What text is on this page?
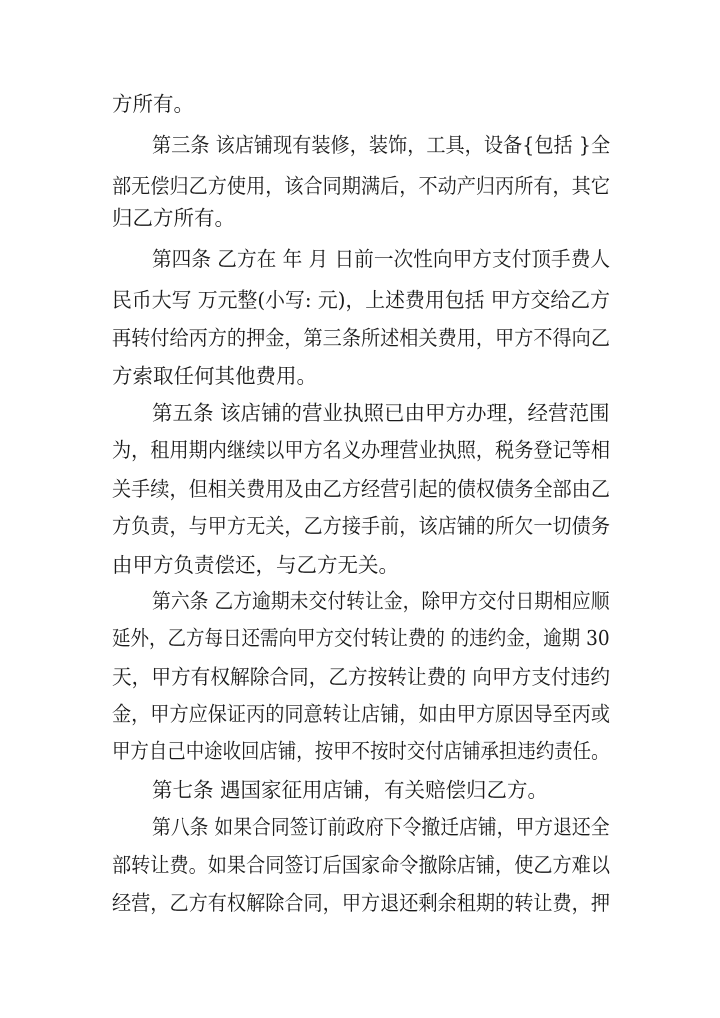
方所有。
第三条 该店铺现有装修，装饰，工具，设备{包括 }全
部无偿归乙方使用，该合同期满后，不动产归丙所有，其它
归乙方所有。
第四条 乙方在 年 月 日前一次性向甲方支付顶手费人
民币大写 万元整(小写: 元)，上述费用包括 甲方交给乙方
再转付给丙方的押金，第三条所述相关费用，甲方不得向乙
方索取任何其他费用。
第五条 该店铺的营业执照已由甲方办理，经营范围
为，租用期内继续以甲方名义办理营业执照，税务登记等相
关手续，但相关费用及由乙方经营引起的债权债务全部由乙
方负责，与甲方无关，乙方接手前，该店铺的所欠一切债务
由甲方负责偿还，与乙方无关。
第六条 乙方逾期未交付转让金，除甲方交付日期相应顺
延外，乙方每日还需向甲方交付转让费的 的违约金，逾期 30
天，甲方有权解除合同，乙方按转让费的 向甲方支付违约
金，甲方应保证丙的同意转让店铺，如由甲方原因导至丙或
甲方自己中途收回店铺，按甲不按时交付店铺承担违约责任。
第七条 遇国家征用店铺，有关赔偿归乙方。
第八条 如果合同签订前政府下令撤迁店铺，甲方退还全
部转让费。如果合同签订后国家命令撤除店铺，使乙方难以
经营，乙方有权解除合同，甲方退还剩余租期的转让费，押
